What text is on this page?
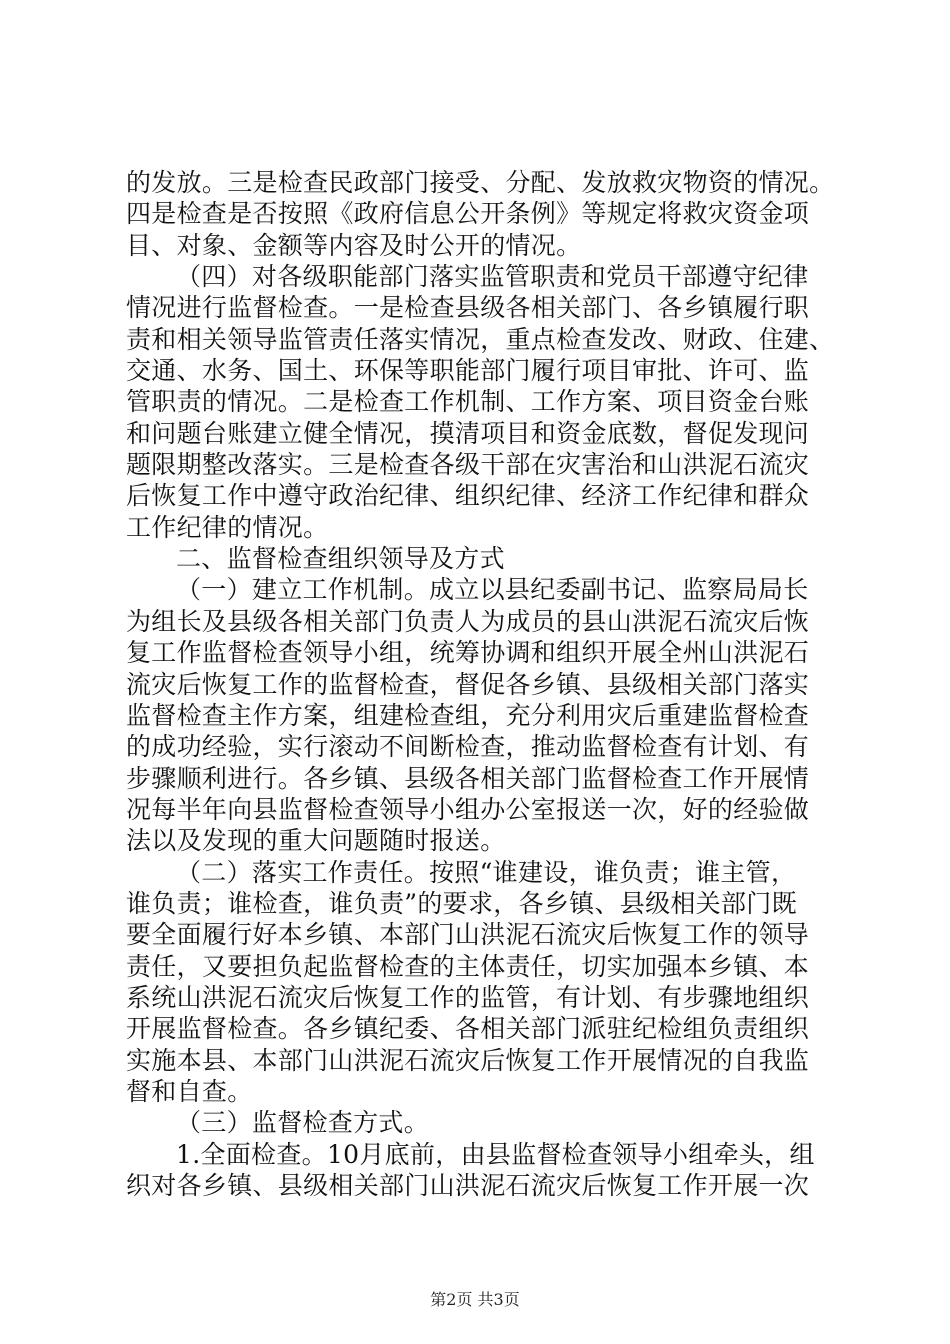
的发放。三是检查民政部门接受、分配、发放救灾物资的情况。
四是检查是否按照《政府信息公开条例》等规定将救灾资金项
目、对象、金额等内容及时公开的情况。
（四）对各级职能部门落实监管职责和党员干部遵守纪律
情况进行监督检查。一是检查县级各相关部门、各乡镇履行职
责和相关领导监管责任落实情况，重点检查发改、财政、住建、
交通、水务、国土、环保等职能部门履行项目审批、许可、监
管职责的情况。二是检查工作机制、工作方案、项目资金台账
和问题台账建立健全情况，摸清项目和资金底数，督促发现问
题限期整改落实。三是检查各级干部在灾害治和山洪泥石流灾
后恢复工作中遵守政治纪律、组织纪律、经济工作纪律和群众
工作纪律的情况。
二、监督检查组织领导及方式
（一）建立工作机制。成立以县纪委副书记、监察局局长
为组长及县级各相关部门负责人为成员的县山洪泥石流灾后恢
复工作监督检查领导小组，统筹协调和组织开展全州山洪泥石
流灾后恢复工作的监督检查，督促各乡镇、县级相关部门落实
监督检查主作方案，组建检查组，充分利用灾后重建监督检查
的成功经验，实行滚动不间断检查，推动监督检查有计划、有
步骤顺利进行。各乡镇、县级各相关部门监督检查工作开展情
况每半年向县监督检查领导小组办公室报送一次，好的经验做
法以及发现的重大问题随时报送。
（二）落实工作责任。按照“谁建设，谁负责；谁主管，
谁负责；谁检查，谁负责”的要求，各乡镇、县级相关部门既
要全面履行好本乡镇、本部门山洪泥石流灾后恢复工作的领导
责任，又要担负起监督检查的主体责任，切实加强本乡镇、本
系统山洪泥石流灾后恢复工作的监管，有计划、有步骤地组织
开展监督检查。各乡镇纪委、各相关部门派驻纪检组负责组织
实施本县、本部门山洪泥石流灾后恢复工作开展情况的自我监
督和自查。
（三）监督检查方式。
1.全面检查。10月底前，由县监督检查领导小组牵头，组
织对各乡镇、县级相关部门山洪泥石流灾后恢复工作开展一次
第2页 共3页
